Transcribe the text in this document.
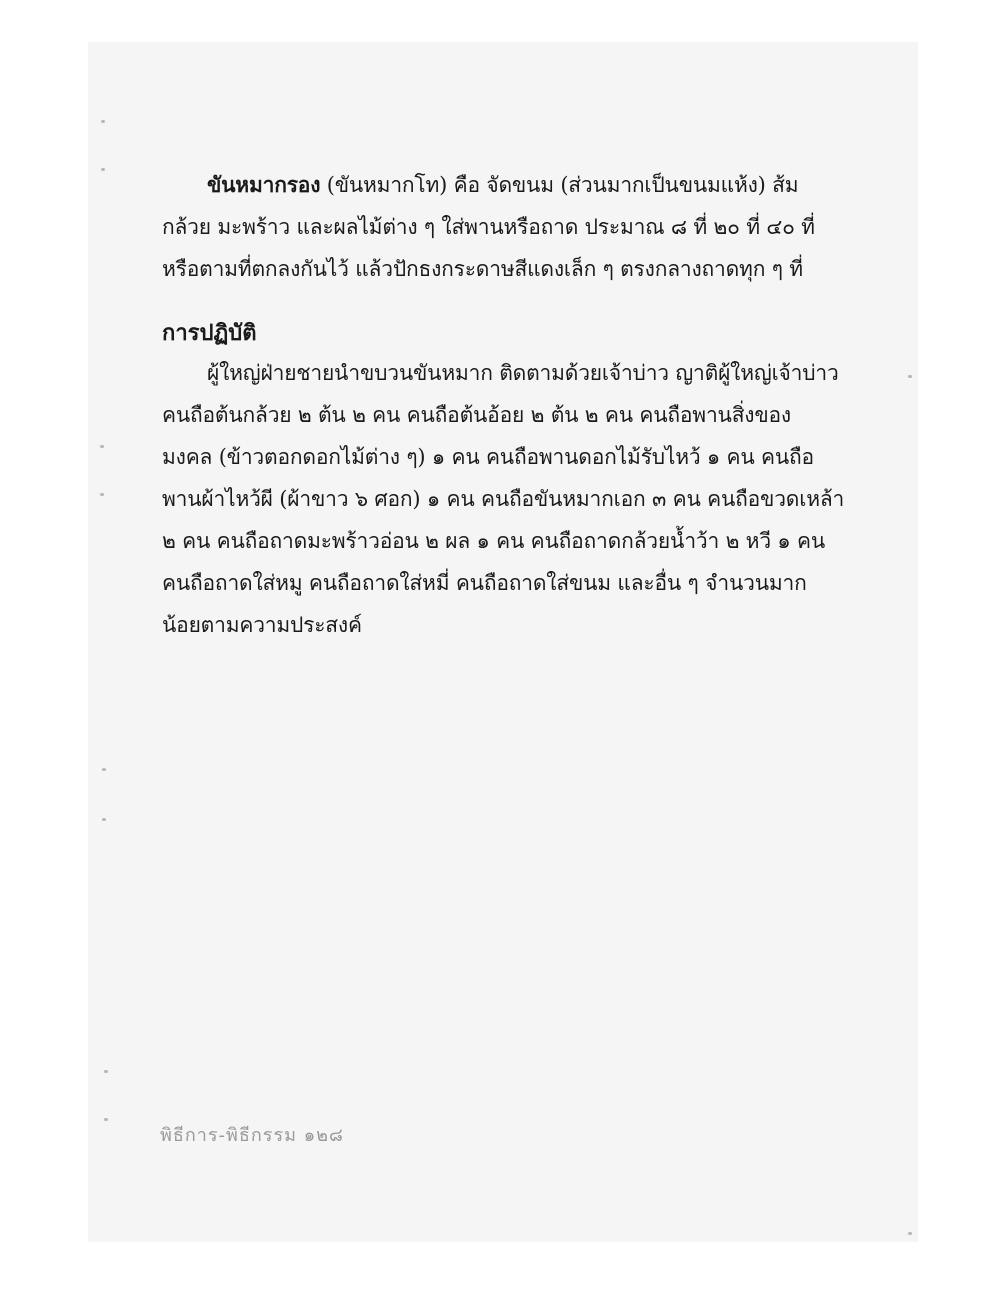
ขันหมากรอง (ขันหมากโท) คือ จัดขนม (ส่วนมากเป็นขนมแห้ง) ส้ม
กล้วย มะพร้าว และผลไม้ต่าง ๆ ใส่พานหรือถาด ประมาณ ๘ ที่ ๒๐ ที่ ๔๐ ที่
หรือตามที่ตกลงกันไว้ แล้วปักธงกระดาษสีแดงเล็ก ๆ ตรงกลางถาดทุก ๆ ที่
การปฏิบัติ
ผู้ใหญ่ฝ่ายชายนำขบวนขันหมาก ติดตามด้วยเจ้าบ่าว ญาติผู้ใหญ่เจ้าบ่าว
คนถือต้นกล้วย ๒ ต้น ๒ คน คนถือต้นอ้อย ๒ ต้น ๒ คน คนถือพานสิ่งของ
มงคล (ข้าวตอกดอกไม้ต่าง ๆ) ๑ คน คนถือพานดอกไม้รับไหว้ ๑ คน คนถือ
พานผ้าไหว้ผี (ผ้าขาว ๖ ศอก) ๑ คน คนถือขันหมากเอก ๓ คน คนถือขวดเหล้า
๒ คน คนถือถาดมะพร้าวอ่อน ๒ ผล ๑ คน คนถือถาดกล้วยน้ำว้า ๒ หวี ๑ คน
คนถือถาดใส่หมู คนถือถาดใส่หมี่ คนถือถาดใส่ขนม และอื่น ๆ จำนวนมาก
น้อยตามความประสงค์
พิธีการ-พิธีกรรม ๑๒๘
